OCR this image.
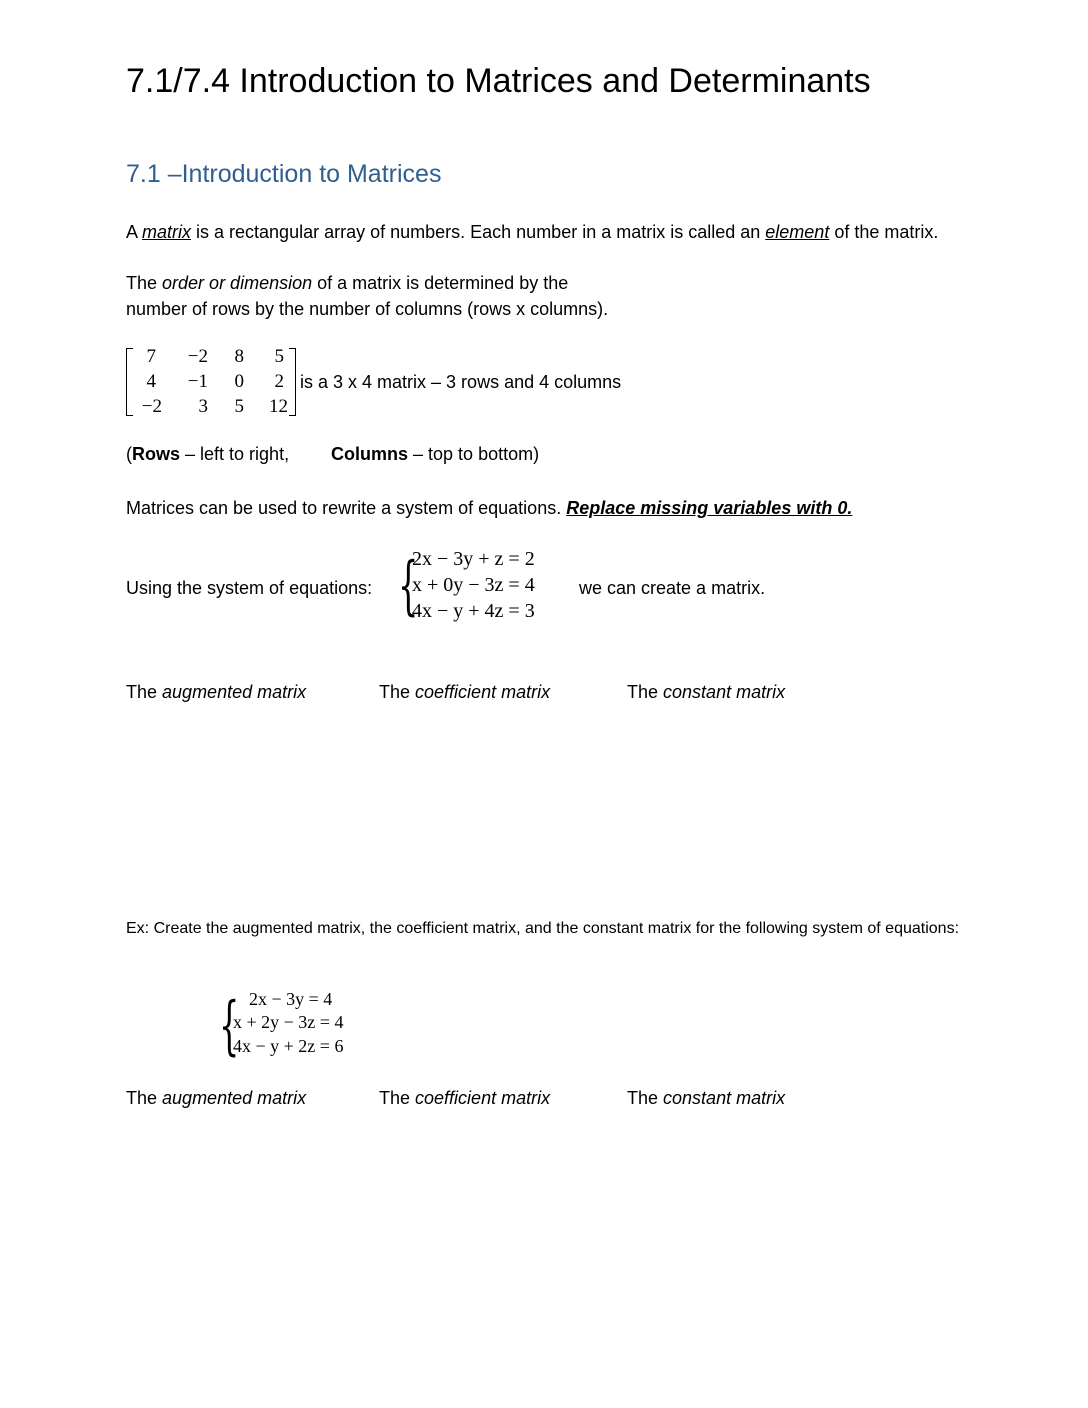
7.1/7.4 Introduction to Matrices and Determinants
7.1 –Introduction to Matrices
A matrix is a rectangular array of numbers. Each number in a matrix is called an element of the matrix.
The order or dimension of a matrix is determined by the
number of rows by the number of columns (rows x columns).
7	−2	8	5
4	−1	0	2
−2	3	5	12
is a 3 x 4 matrix – 3 rows and 4 columns
(Rows – left to right, Columns – top to bottom)
Matrices can be used to rewrite a system of equations. Replace missing variables with 0.
Using the system of equations: {
2x − 3y + z = 2
x + 0y − 3z = 4
4x − y + 4z = 3
we can create a matrix.
The augmented matrix	The coefficient matrix	The constant matrix
Ex: Create the augmented matrix, the coefficient matrix, and the constant matrix for the following system of equations:
{ 2x − 3y = 4
x + 2y − 3z = 4
4x − y + 2z = 6
The augmented matrix	The coefficient matrix	The constant matrix
